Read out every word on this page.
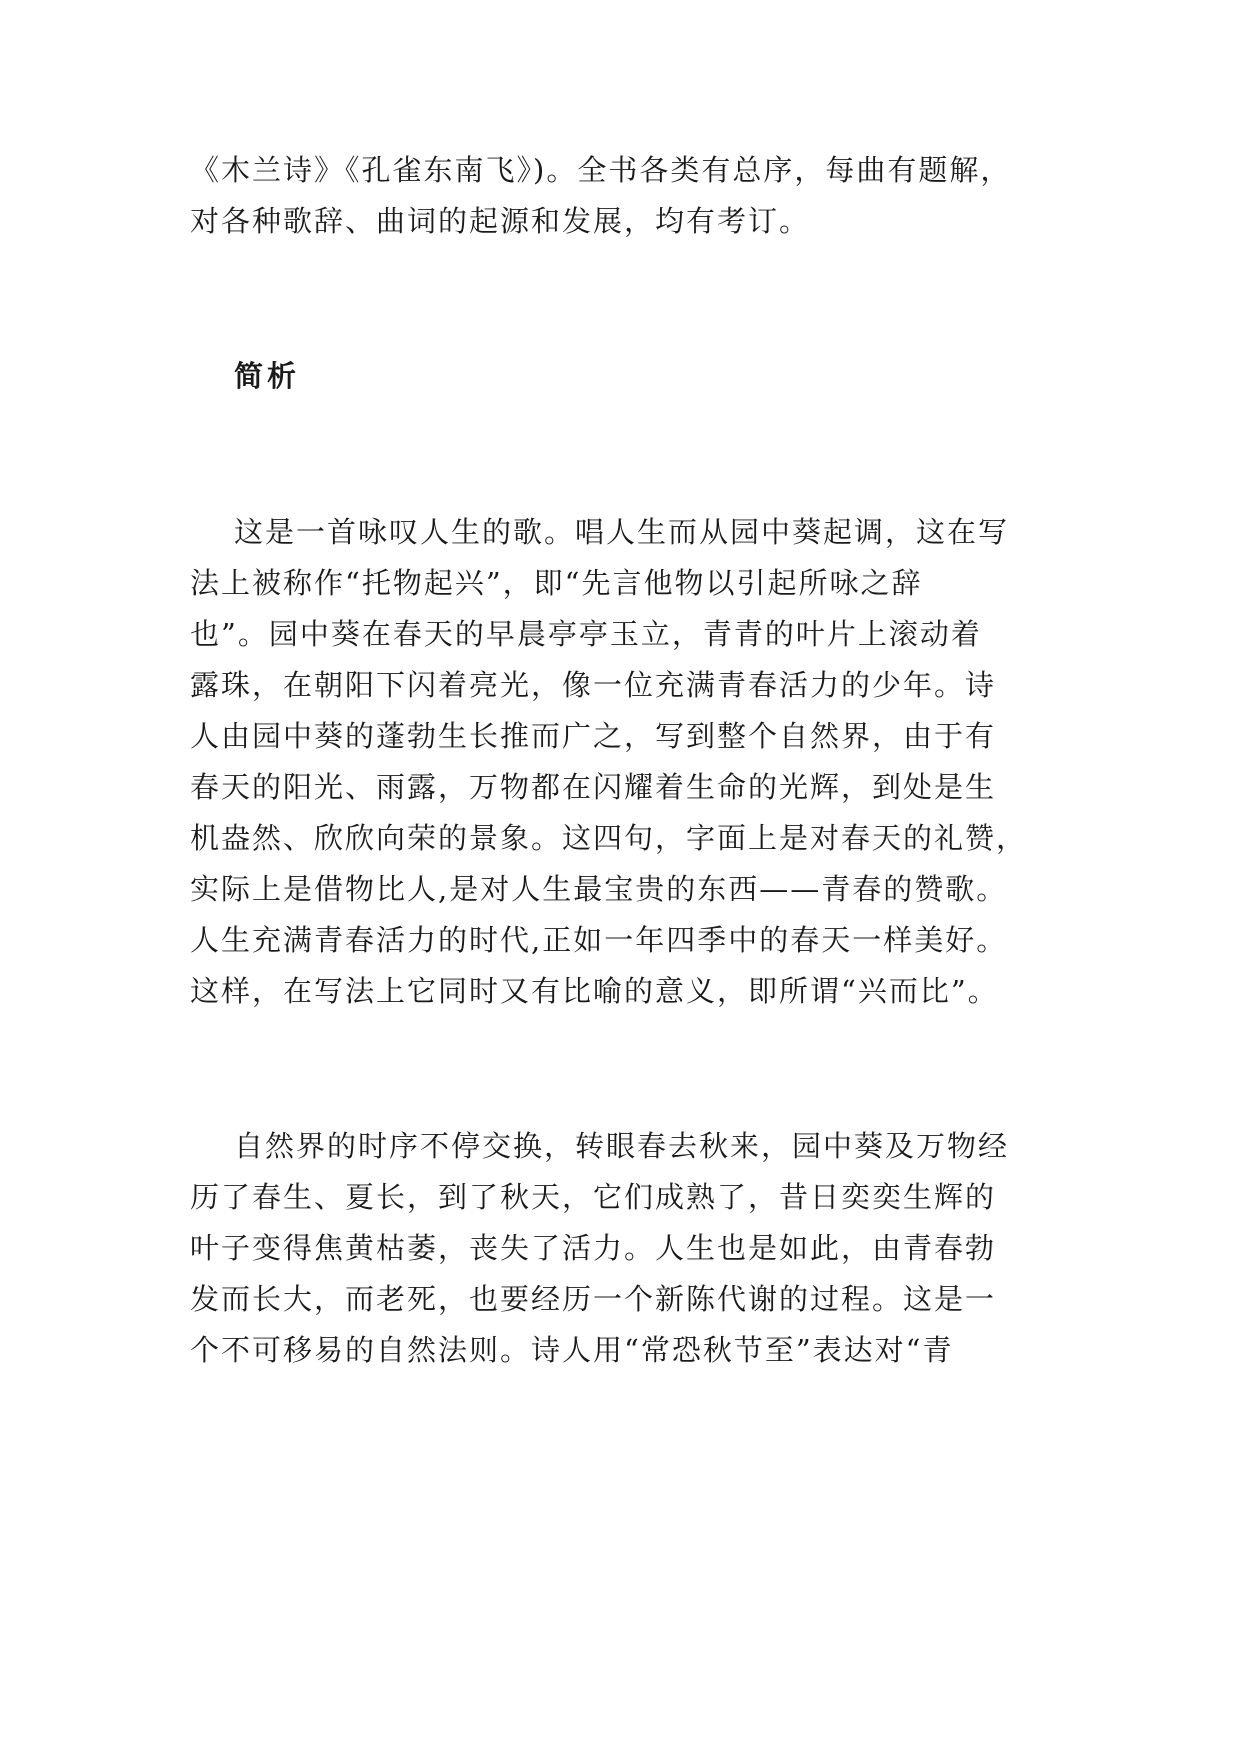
《木兰诗》《孔雀东南飞》)。全书各类有总序，每曲有题解，

对各种歌辞、曲词的起源和发展，均有考订。

简析

这是一首咏叹人生的歌。唱人生而从园中葵起调，这在写

法上被称作“托物起兴”，即“先言他物以引起所咏之辞

也”。园中葵在春天的早晨亭亭玉立，青青的叶片上滚动着

露珠，在朝阳下闪着亮光，像一位充满青春活力的少年。诗

人由园中葵的蓬勃生长推而广之，写到整个自然界，由于有

春天的阳光、雨露，万物都在闪耀着生命的光辉，到处是生

机盎然、欣欣向荣的景象。这四句，字面上是对春天的礼赞，

实际上是借物比人,是对人生最宝贵的东西——青春的赞歌。

人生充满青春活力的时代,正如一年四季中的春天一样美好。

这样，在写法上它同时又有比喻的意义，即所谓“兴而比”。

自然界的时序不停交换，转眼春去秋来，园中葵及万物经

历了春生、夏长，到了秋天，它们成熟了，昔日奕奕生辉的

叶子变得焦黄枯萎，丧失了活力。人生也是如此，由青春勃

发而长大，而老死，也要经历一个新陈代谢的过程。这是一

个不可移易的自然法则。诗人用“常恐秋节至”表达对“青
